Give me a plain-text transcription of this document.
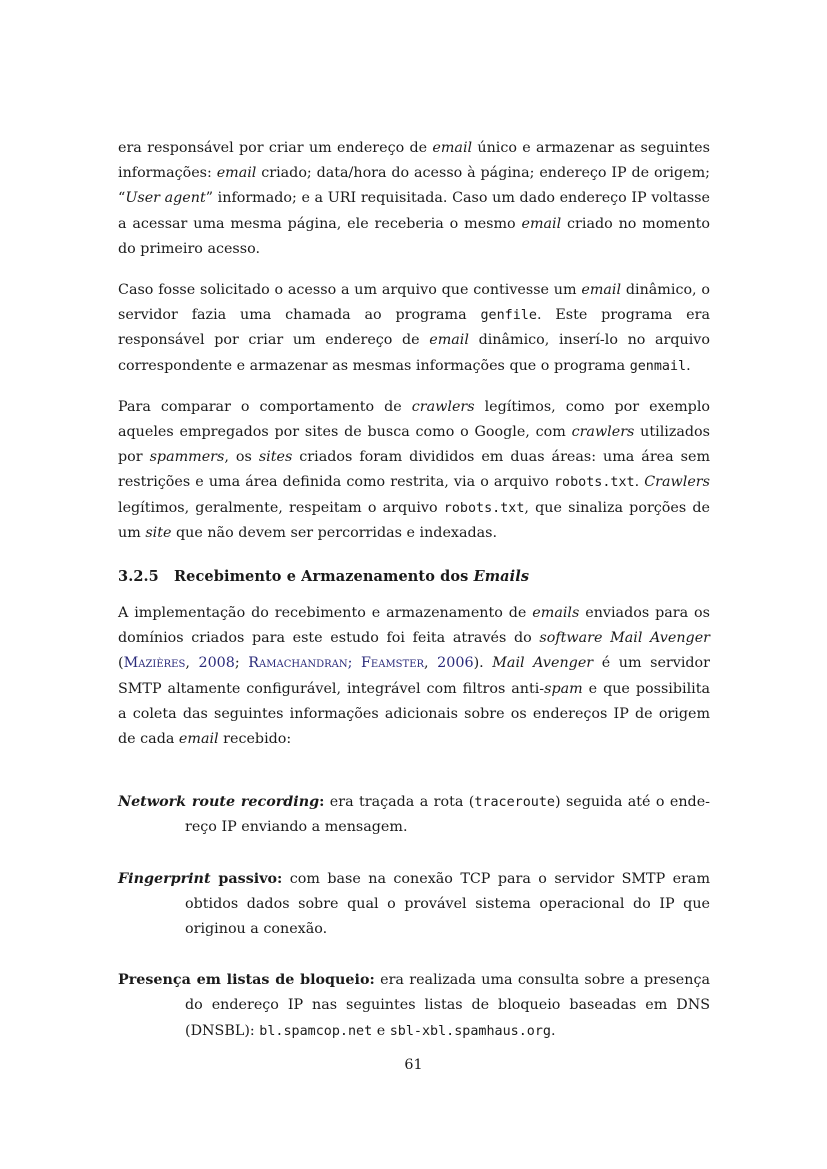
era responsável por criar um endereço de email único e armazenar as seguintes informações: email criado; data/hora do acesso à página; endereço IP de origem; “User agent” informado; e a URI requisitada. Caso um dado endereço IP voltasse a acessar uma mesma página, ele receberia o mesmo email criado no momento do primeiro acesso.

Caso fosse solicitado o acesso a um arquivo que contivesse um email dinâmico, o servidor fazia uma chamada ao programa genfile. Este programa era responsável por criar um endereço de email dinâmico, inserí-lo no arquivo correspondente e armazenar as mesmas informações que o programa genmail.

Para comparar o comportamento de crawlers legítimos, como por exemplo aqueles empregados por sites de busca como o Google, com crawlers utilizados por spammers, os sites criados foram divididos em duas áreas: uma área sem restrições e uma área definida como restrita, via o arquivo robots.txt. Crawlers legítimos, geralmente, respeitam o arquivo robots.txt, que sinaliza porções de um site que não devem ser percorridas e indexadas.

3.2.5 Recebimento e Armazenamento dos Emails

A implementação do recebimento e armazenamento de emails enviados para os domínios criados para este estudo foi feita através do software Mail Avenger (Mazières, 2008; Ramachandran; Feamster, 2006). Mail Avenger é um servidor SMTP altamente configurável, integrável com filtros anti-spam e que possibilita a coleta das seguintes informações adicionais sobre os endereços IP de origem de cada email recebido:

Network route recording: era traçada a rota (traceroute) seguida até o endereço IP enviando a mensagem.

Fingerprint passivo: com base na conexão TCP para o servidor SMTP eram obtidos dados sobre qual o provável sistema operacional do IP que originou a conexão.

Presença em listas de bloqueio: era realizada uma consulta sobre a presença do endereço IP nas seguintes listas de bloqueio baseadas em DNS (DNSBL): bl.spamcop.net e sbl-xbl.spamhaus.org.

61
